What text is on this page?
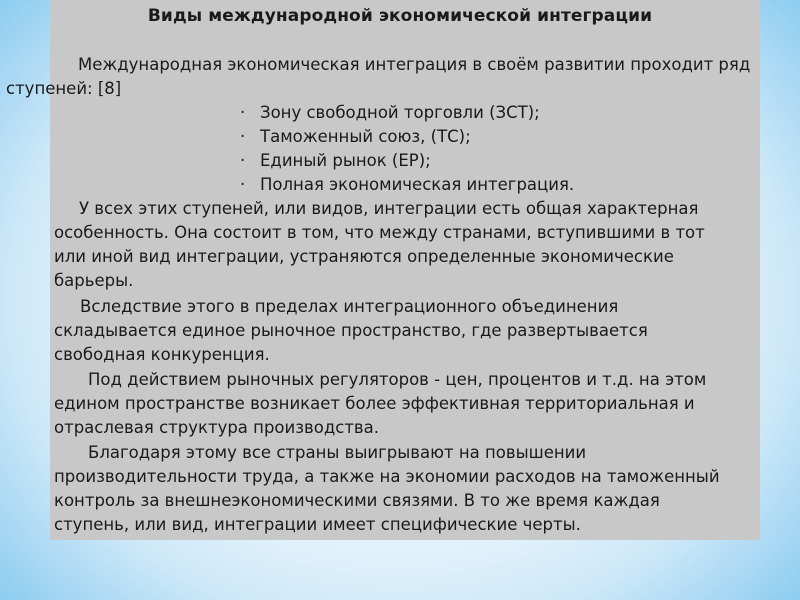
Виды международной экономической интеграции
Международная экономическая интеграция в своём развитии проходит ряд
ступеней: [8]
· Зону свободной торговли (ЗСТ);
· Таможенный союз, (ТС);
· Единый рынок (ЕР);
· Полная экономическая интеграция.
У всех этих ступеней, или видов, интеграции есть общая характерная
особенность. Она состоит в том, что между странами, вступившими в тот
или иной вид интеграции, устраняются определенные экономические
барьеры.
Вследствие этого в пределах интеграционного объединения
складывается единое рыночное пространство, где развертывается
свободная конкуренция.
Под действием рыночных регуляторов - цен, процентов и т.д. на этом
едином пространстве возникает более эффективная территориальная и
отраслевая структура производства.
Благодаря этому все страны выигрывают на повышении
производительности труда, а также на экономии расходов на таможенный
контроль за внешнеэкономическими связями. В то же время каждая
ступень, или вид, интеграции имеет специфические черты.
